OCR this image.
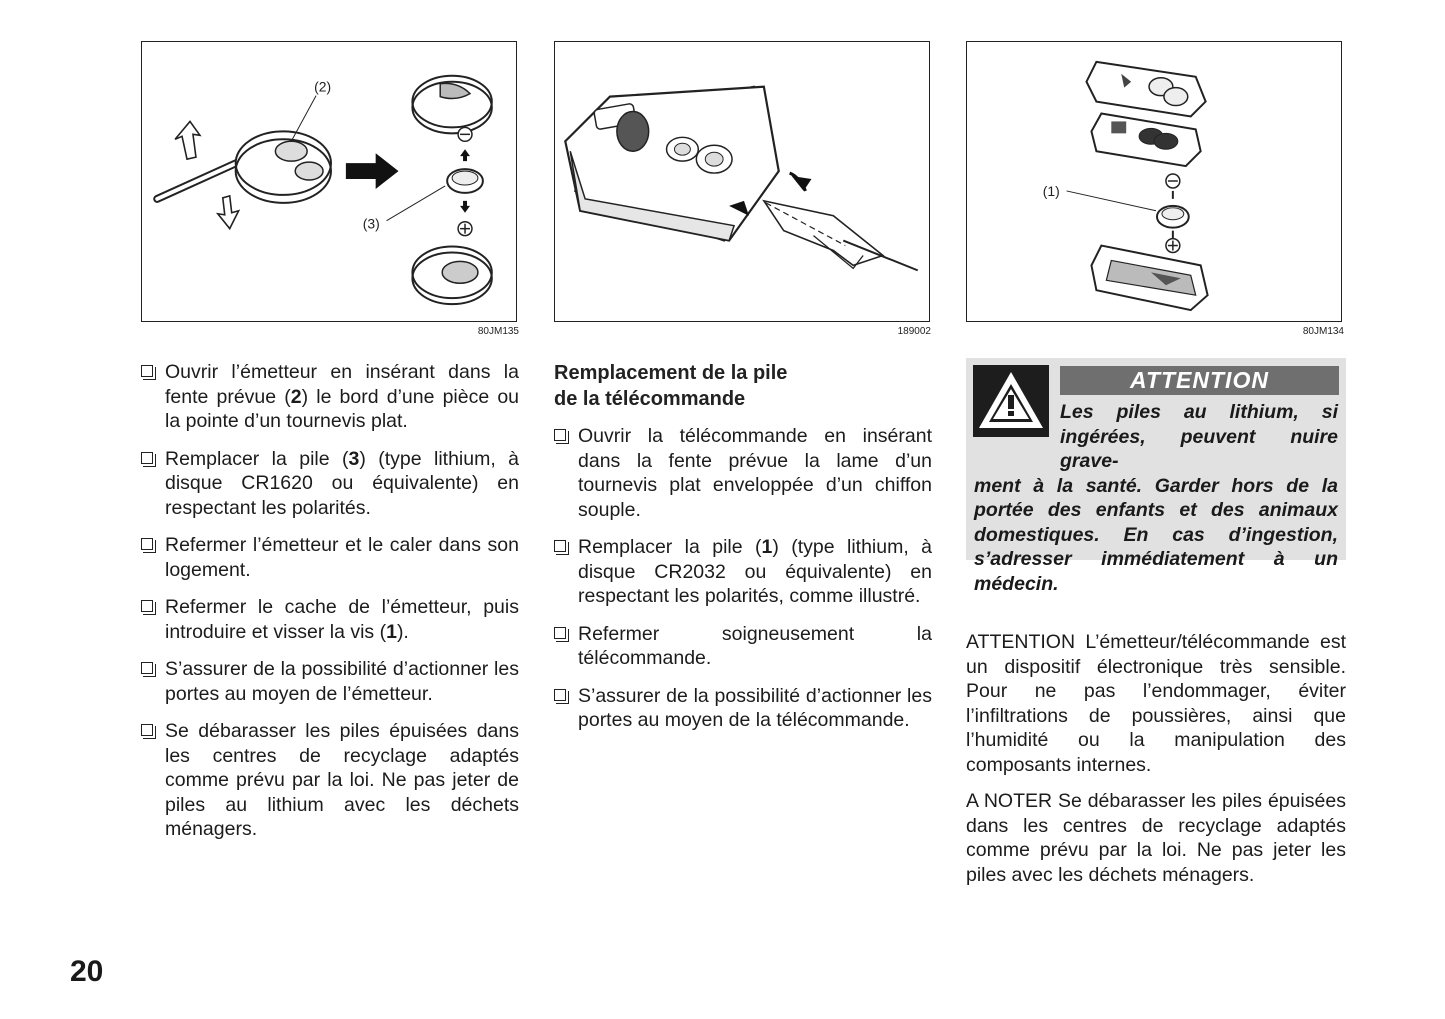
(2)
(3)
80JM135	189002
(1)
80JM134
Ouvrir l’émetteur en insérant dans la fente prévue (2) le bord d’une pièce ou la pointe d’un tournevis plat.
Remplacer la pile (3) (type lithium, à disque CR1620 ou équivalente) en respectant les polarités.
Refermer l’émetteur et le caler dans son logement.
Refermer le cache de l’émetteur, puis introduire et visser la vis (1).
S’assurer de la possibilité d’actionner les portes au moyen de l’émetteur.
Se débarasser les piles épuisées dans les centres de recyclage adaptés comme prévu par la loi. Ne pas jeter de piles au lithium avec les déchets ménagers.
Remplacement de la pile
de la télécommande
Ouvrir la télécommande en insérant dans la fente prévue la lame d’un tournevis plat enveloppée d’un chiffon souple.
Remplacer la pile (1) (type lithium, à disque CR2032 ou équivalente) en respectant les polarités, comme illustré.
Refermer soigneusement la télécommande.
S’assurer de la possibilité d’actionner les portes au moyen de la télécommande.
ATTENTION
Les piles au lithium, si ingérées, peuvent nuire grave-
ment à la santé. Garder hors de la portée des enfants et des animaux domestiques. En cas d’ingestion, s’adresser immédiatement à un médecin.

ATTENTION L’émetteur/télécommande est un dispositif électronique très sensible. Pour ne pas l’endommager, éviter l’infiltrations de poussières, ainsi que l’humidité ou la manipulation des composants internes.

A NOTER Se débarasser les piles épuisées dans les centres de recyclage adaptés comme prévu par la loi. Ne pas jeter les piles avec les déchets ménagers.

20
